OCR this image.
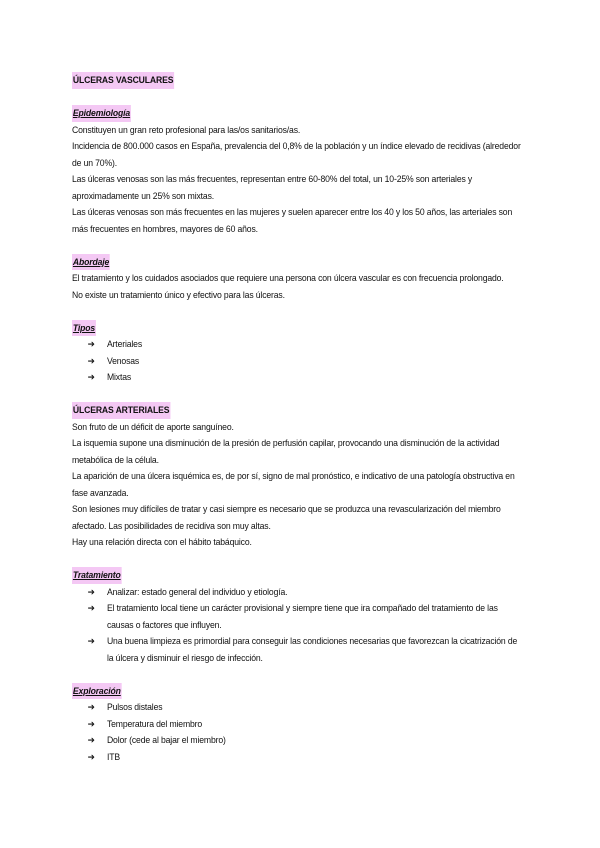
ÚLCERAS VASCULARES
Epidemiología

Constituyen un gran reto profesional para las/os sanitarios/as.

Incidencia de 800.000 casos en España, prevalencia del 0,8% de la población y un índice elevado de recidivas (alrededor de un 70%).

Las úlceras venosas son las más frecuentes, representan entre 60-80% del total, un 10-25% son arteriales y aproximadamente un 25% son mixtas.

Las úlceras venosas son más frecuentes en las mujeres y suelen aparecer entre los 40 y los 50 años, las arteriales son más frecuentes en hombres, mayores de 60 años.

Abordaje

El tratamiento y los cuidados asociados que requiere una persona con úlcera vascular es con frecuencia prolongado.

No existe un tratamiento único y efectivo para las úlceras.

Tipos
➔ Arteriales
➔ Venosas
➔ Mixtas
ÚLCERAS ARTERIALES

Son fruto de un déficit de aporte sanguíneo.

La isquemia supone una disminución de la presión de perfusión capilar, provocando una disminución de la actividad metabólica de la célula.

La aparición de una úlcera isquémica es, de por sí, signo de mal pronóstico, e indicativo de una patología obstructiva en fase avanzada.

Son lesiones muy difíciles de tratar y casi siempre es necesario que se produzca una revascularización del miembro afectado. Las posibilidades de recidiva son muy altas.

Hay una relación directa con el hábito tabáquico.

Tratamiento
➔ Analizar: estado general del individuo y etiología.
➔ El tratamiento local tiene un carácter provisional y siempre tiene que ira compañado del tratamiento de las causas o factores que influyen.
➔ Una buena limpieza es primordial para conseguir las condiciones necesarias que favorezcan la cicatrización de la úlcera y disminuir el riesgo de infección.
Exploración
➔ Pulsos distales
➔ Temperatura del miembro
➔ Dolor (cede al bajar el miembro)
➔ ITB
